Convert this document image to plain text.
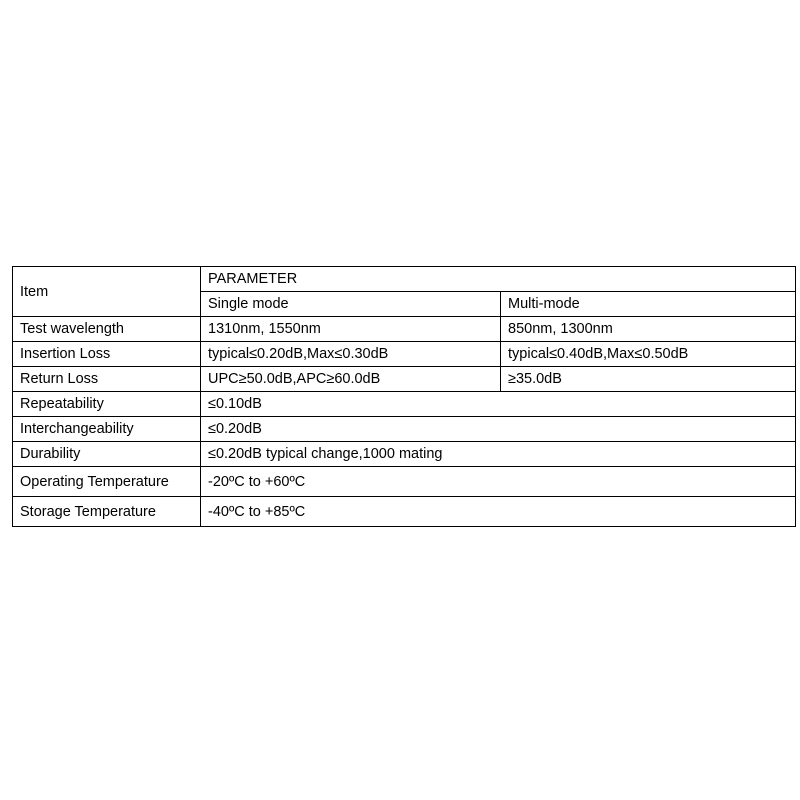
Item	PARAMETER	
	Single mode	Multi-mode
Test wavelength	1310nm, 1550nm	850nm, 1300nm
Insertion Loss	typical≤0.20dB,Max≤0.30dB	typical≤0.40dB,Max≤0.50dB
Return Loss	UPC≥50.0dB,APC≥60.0dB	≥35.0dB
Repeatability	≤0.10dB	
Interchangeability	≤0.20dB	
Durability	≤0.20dB typical change,1000 mating	
Operating Temperature	-20ºC to +60ºC	
Storage Temperature	-40ºC to +85ºC	
